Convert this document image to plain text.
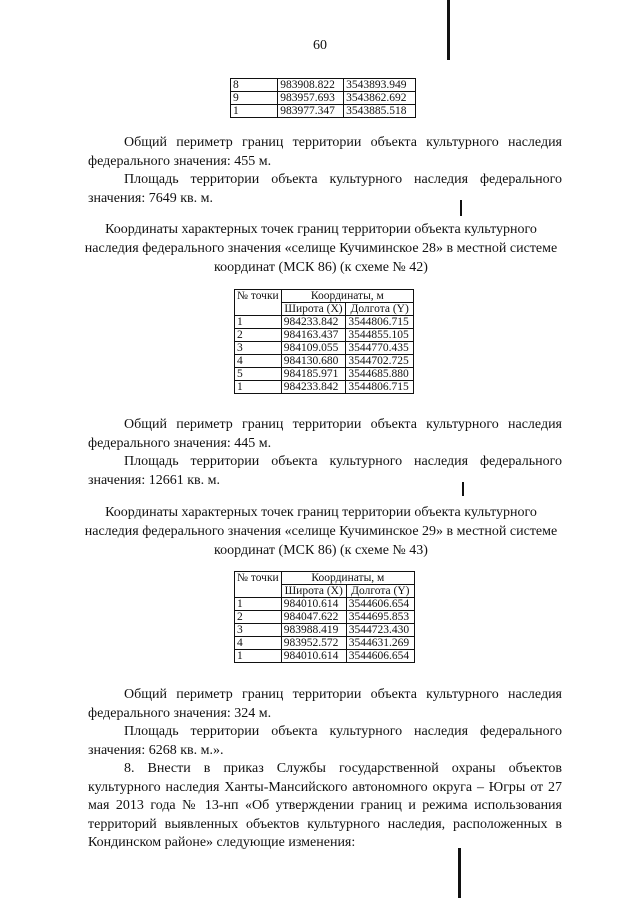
60
8	983908.822	3543893.949
9	983957.693	3543862.692
1	983977.347	3543885.518
Общий периметр границ территории объекта культурного наследия федерального значения: 455 м.
Площадь территории объекта культурного наследия федерального значения: 7649 кв. м.
Координаты характерных точек границ территории объекта культурного наследия федерального значения «селище Кучиминское 28» в местной системе координат (МСК 86) (к схеме № 42)
№ точки	Координаты, м	
	Широта (X)	Долгота (Y)
1	984233.842	3544806.715
2	984163.437	3544855.105
3	984109.055	3544770.435
4	984130.680	3544702.725
5	984185.971	3544685.880
1	984233.842	3544806.715
Общий периметр границ территории объекта культурного наследия федерального значения: 445 м.
Площадь территории объекта культурного наследия федерального значения: 12661 кв. м.
Координаты характерных точек границ территории объекта культурного наследия федерального значения «селище Кучиминское 29» в местной системе координат (МСК 86) (к схеме № 43)
№ точки	Координаты, м	
	Широта (X)	Долгота (Y)
1	984010.614	3544606.654
2	984047.622	3544695.853
3	983988.419	3544723.430
4	983952.572	3544631.269
1	984010.614	3544606.654
Общий периметр границ территории объекта культурного наследия федерального значения: 324 м.
Площадь территории объекта культурного наследия федерального значения: 6268 кв. м.».
8. Внести в приказ Службы государственной охраны объектов культурного наследия Ханты-Мансийского автономного округа – Югры от 27 мая 2013 года № 13-нп «Об утверждении границ и режима использования территорий выявленных объектов культурного наследия, расположенных в Кондинском районе» следующие изменения:
